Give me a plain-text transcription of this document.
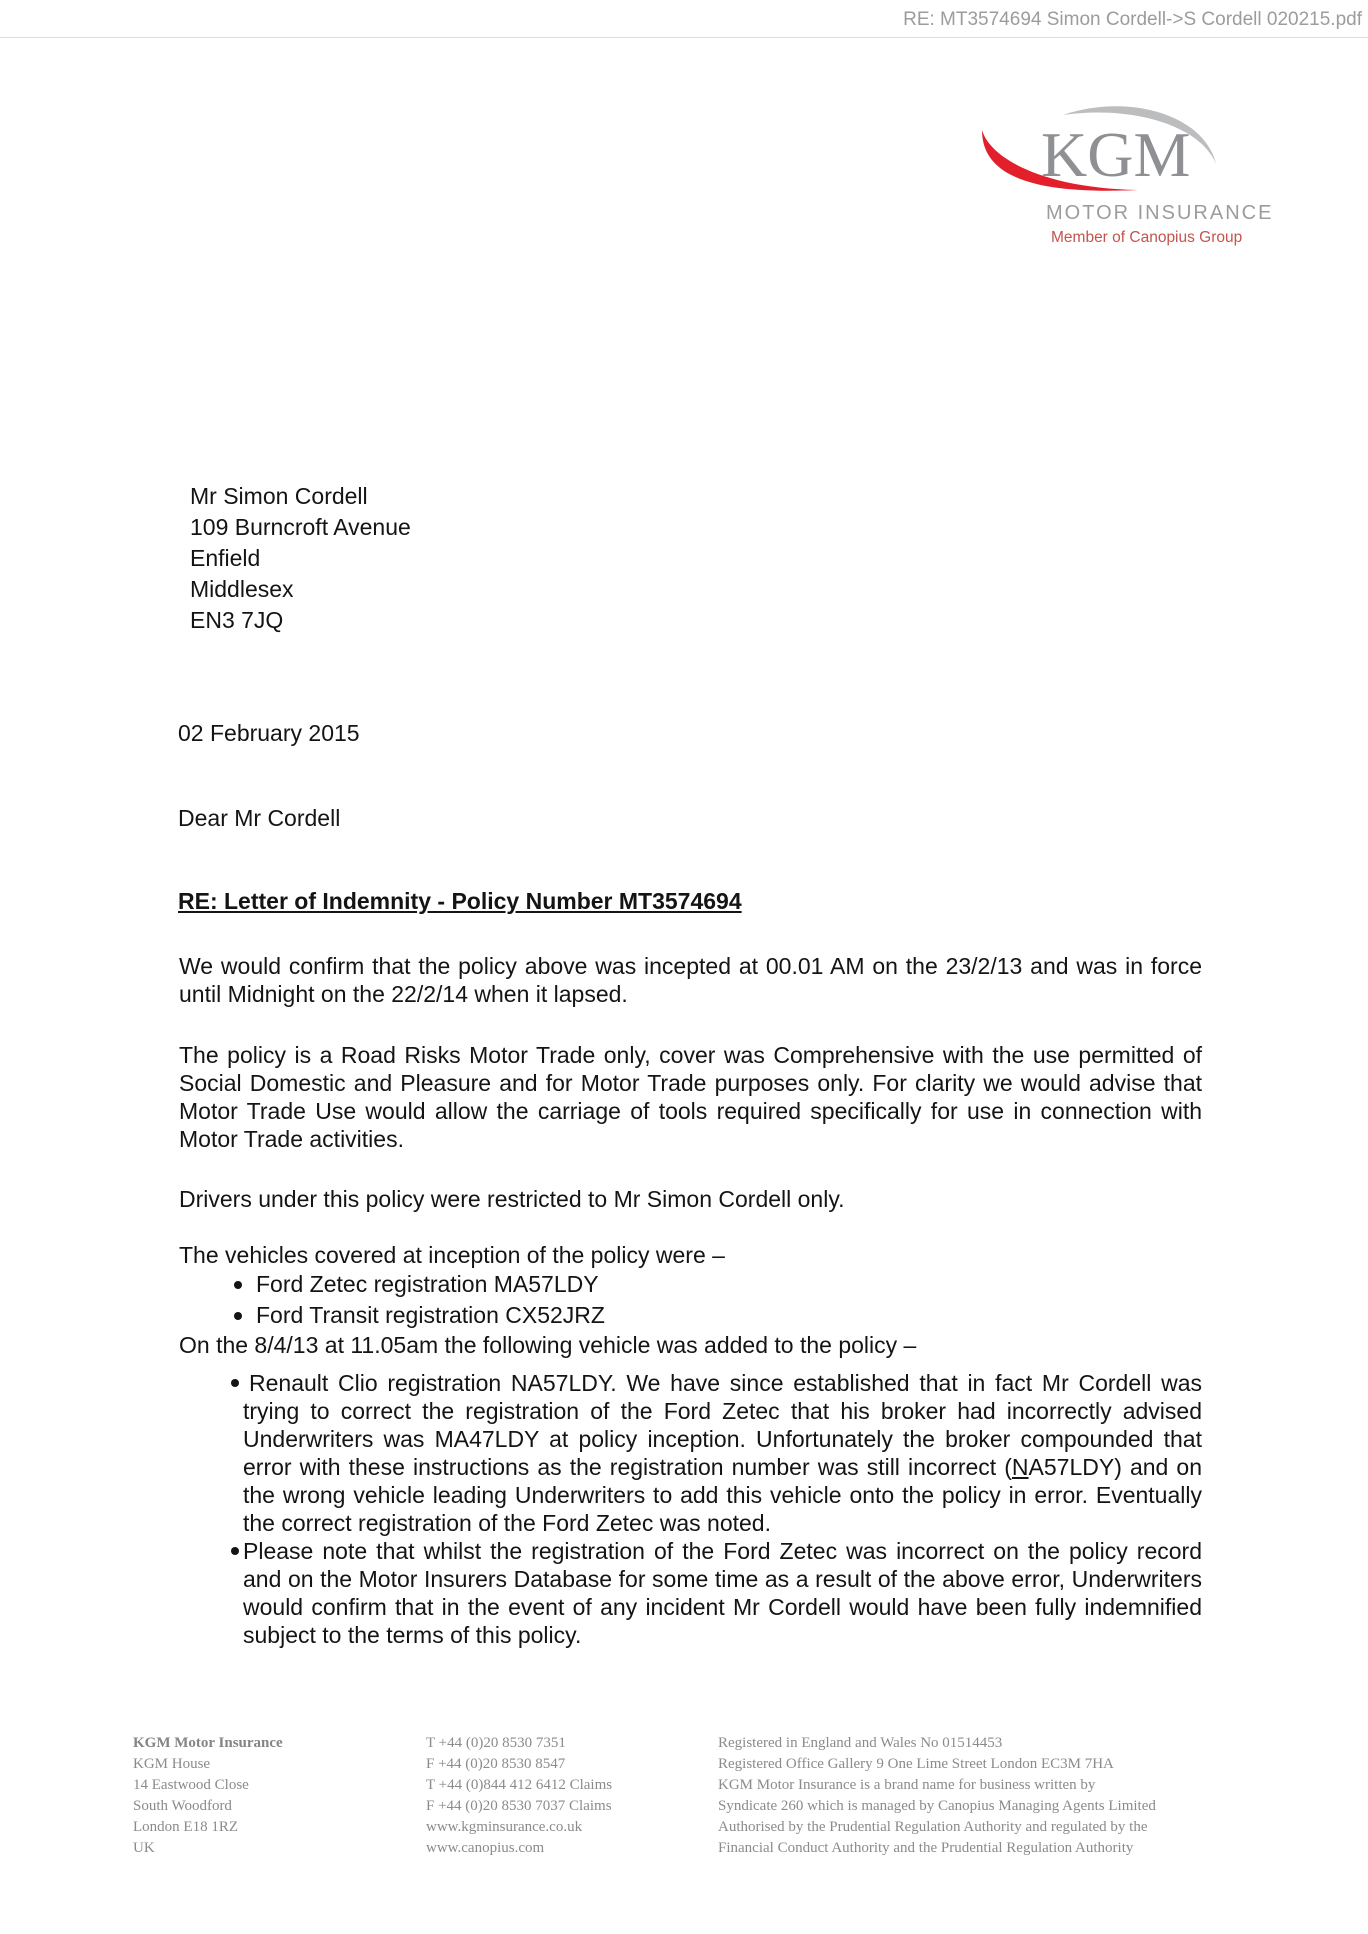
RE: MT3574694 Simon Cordell->S Cordell 020215.pdf
KGM
MOTOR INSURANCE
Member of Canopius Group
Mr Simon Cordell
109 Burncroft Avenue
Enfield
Middlesex
EN3 7JQ
02 February 2015
Dear Mr Cordell
RE: Letter of Indemnity - Policy Number MT3574694

We would confirm that the policy above was incepted at 00.01 AM on the 23/2/13 and was in force until Midnight on the 22/2/14 when it lapsed.

The policy is a Road Risks Motor Trade only, cover was Comprehensive with the use permitted of Social Domestic and Pleasure and for Motor Trade purposes only. For clarity we would advise that Motor Trade Use would allow the carriage of tools required specifically for use in connection with Motor Trade activities.

Drivers under this policy were restricted to Mr Simon Cordell only.

The vehicles covered at inception of the policy were –

Ford Zetec registration MA57LDY
Ford Transit registration CX52JRZ

On the 8/4/13 at 11.05am the following vehicle was added to the policy –

Renault Clio registration NA57LDY. We have since established that in fact Mr Cordell was trying to correct the registration of the Ford Zetec that his broker had incorrectly advised Underwriters was MA47LDY at policy inception. Unfortunately the broker compounded that error with these instructions as the registration number was still incorrect (NA57LDY) and on the wrong vehicle leading Underwriters to add this vehicle onto the policy in error. Eventually the correct registration of the Ford Zetec was noted.
Please note that whilst the registration of the Ford Zetec was incorrect on the policy record and on the Motor Insurers Database for some time as a result of the above error, Underwriters would confirm that in the event of any incident Mr Cordell would have been fully indemnified subject to the terms of this policy.
KGM Motor Insurance
KGM House
14 Eastwood Close
South Woodford
London E18 1RZ
UK
T +44 (0)20 8530 7351
F +44 (0)20 8530 8547
T +44 (0)844 412 6412 Claims
F +44 (0)20 8530 7037 Claims
www.kgminsurance.co.uk
www.canopius.com
Registered in England and Wales No 01514453
Registered Office Gallery 9 One Lime Street London EC3M 7HA
KGM Motor Insurance is a brand name for business written by
Syndicate 260 which is managed by Canopius Managing Agents Limited
Authorised by the Prudential Regulation Authority and regulated by the
Financial Conduct Authority and the Prudential Regulation Authority
